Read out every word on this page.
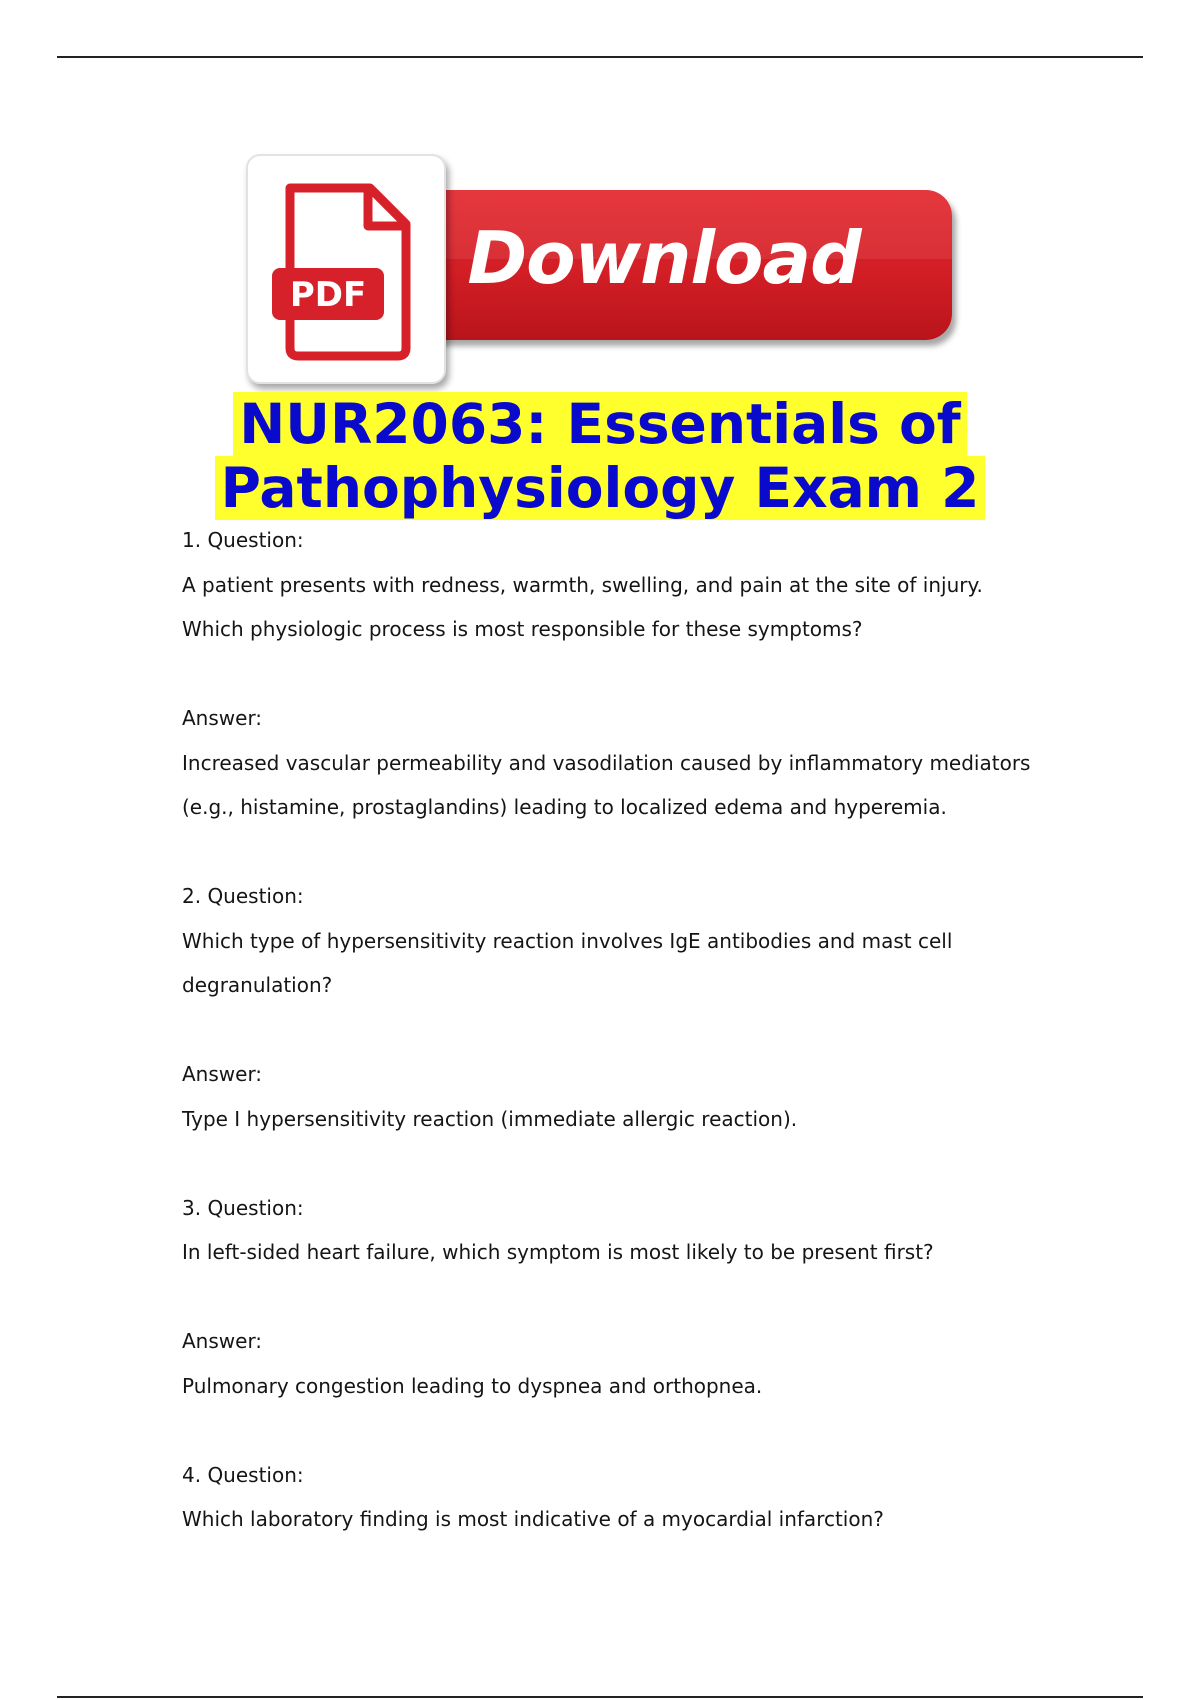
Download
PDF
NUR2063: Essentials of
Pathophysiology Exam 2

1. Question:

A patient presents with redness, warmth, swelling, and pain at the site of injury.

Which physiologic process is most responsible for these symptoms?

Answer:

Increased vascular permeability and vasodilation caused by inflammatory mediators

(e.g., histamine, prostaglandins) leading to localized edema and hyperemia.

2. Question:

Which type of hypersensitivity reaction involves IgE antibodies and mast cell

degranulation?

Answer:

Type I hypersensitivity reaction (immediate allergic reaction).

3. Question:

In left-sided heart failure, which symptom is most likely to be present first?

Answer:

Pulmonary congestion leading to dyspnea and orthopnea.

4. Question:

Which laboratory finding is most indicative of a myocardial infarction?
